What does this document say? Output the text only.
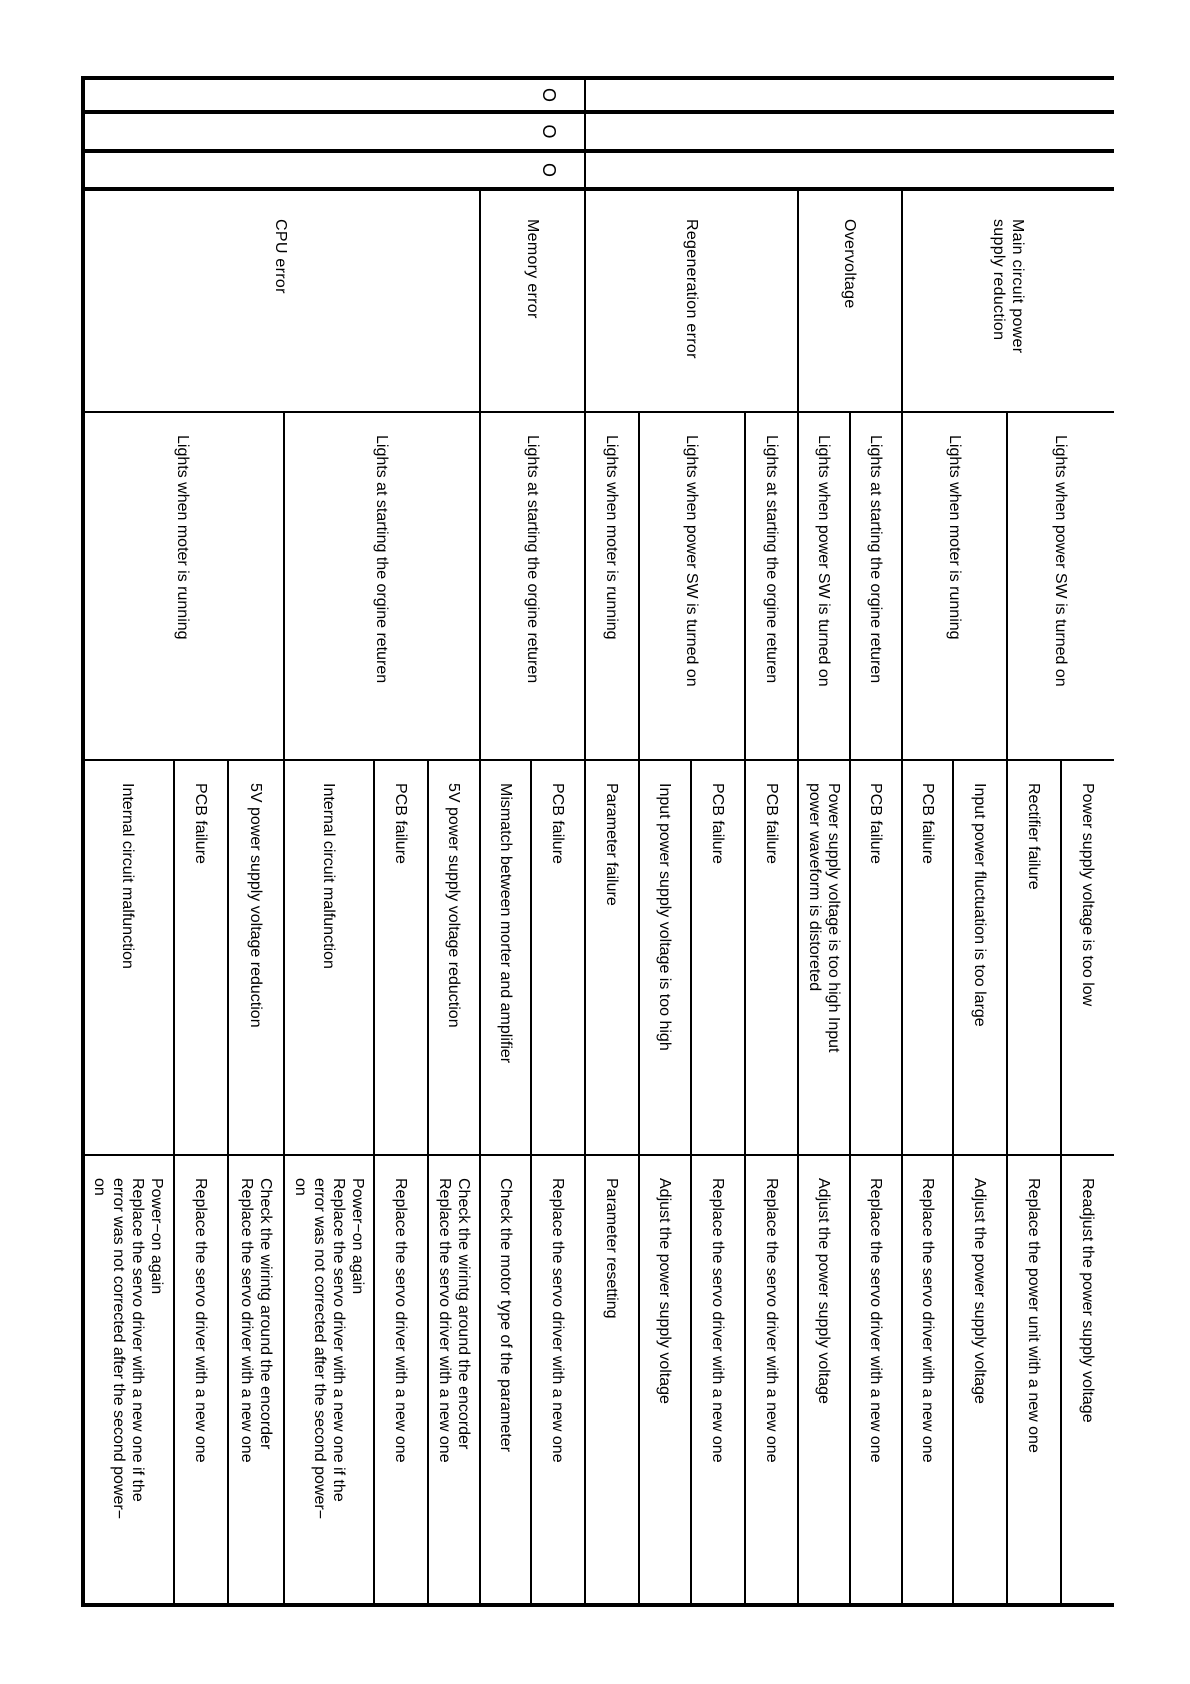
O
O
O
Power supply voltage is too low
Readjust the power supply voltage
Rectifier failure
Replace the power unit with a new one
Lights when power SW is turned on
Input power fluctuation is too large
Adjust the power supply voltage
PCB failure
Replace the servo driver with a new one
Lights when moter is running
Main circuit power supply reduction
PCB failure
Replace the servo driver with a new one
Lights at starting the orgine returen
Power supply voltage is too high Input
power waveform is distoreted
Adjust the power supply voltage
Lights when power SW is turned on
Overvoltage
PCB failure
Replace the servo driver with a new one
Lights at starting the orgine returen
PCB failure
Replace the servo driver with a new one
Input power supply voltage is too high
Adjust the power supply voltage
Lights when power SW is turned on
Parameter failure
Parameter resetting
Lights when moter is running
Regeneration error
PCB failure
Replace the servo driver with a new one
Mismatch between morter and amplifier
Check the motor type of the parameter
Lights at starting the orgine returen
Memory error
5V power supply voltage reduction
Check the wirintg around the encorder
Replace the servo driver with a new one
PCB failure
Replace the servo driver with a new one
Internal circuit malfunction
Power−on again
Replace the servo driver with a new one if the
error was not corrected after the second power−
on
Lights at starting the orgine returen
5V power supply voltage reduction
Check the wirintg around the encorder
Replace the servo driver with a new one
PCB failure
Replace the servo driver with a new one
Internal circuit malfunction
Power−on again
Replace the servo driver with a new one if the
error was not corrected after the second power−
on
Lights when moter is running
CPU error
